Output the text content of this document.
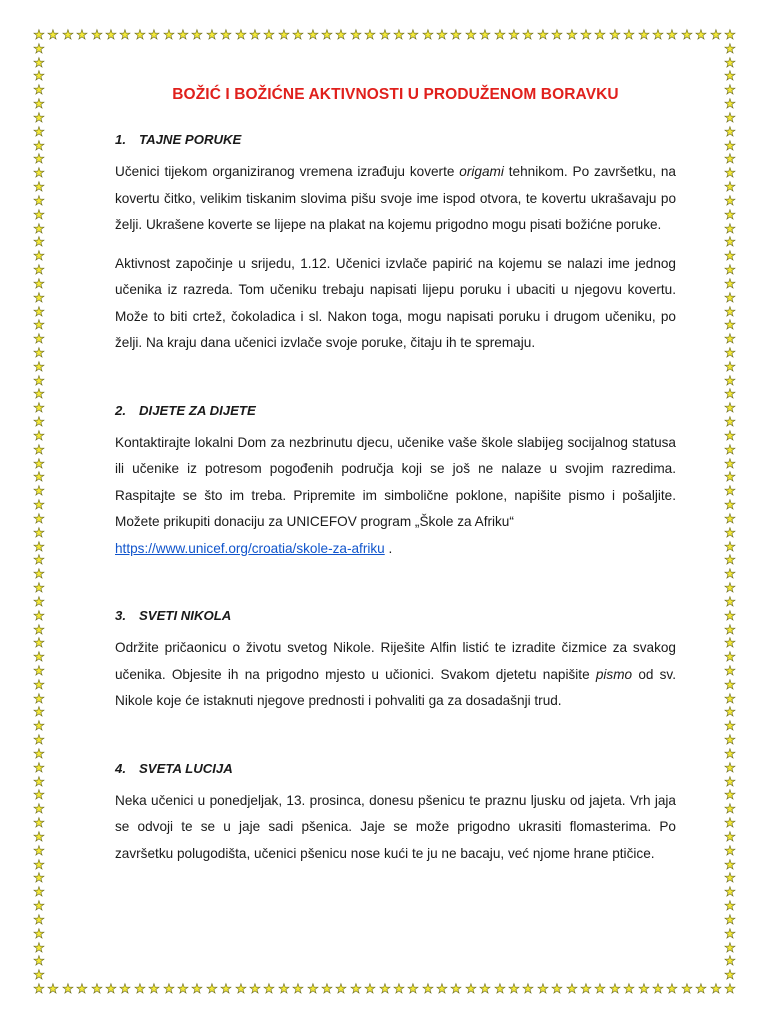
★
★
★
★
★
★
★
★
★
★
★
★
★
★
★
★
★
★
★
★
★
★
★
★
★
★
★
★
★
★
★
★
★
★
★
★
★
★
★
★
★
★
★
★
★
★
★
★
★
★
★
★
★
★
★
★
★
★
★
★
★
★
★
★
★
★
★
★
★
★
★
★
★
★
★
★
★
★
★
★
★
★
★
★
★
★
★
★
★
★
★
★
★
★
★
★
★
★
★	★
★	★
★	★
★	★
★	★
★	★
★	★
★	★
★	★
★	★
★	★
★	★
★	★
★	★
★	★
★	★
★	★
★	★
★	★
★	★
★	★
★	★
★	★
★	★
★	★
★	★
★	★
★	★
★	★
★	★
★	★
★	★
★	★
★	★
★	★
★	★
★	★
★	★
★	★
★	★
★	★
★	★
★	★
★	★
★	★
★	★
★	★
★	★
★	★
★	★
★	★
★	★
★	★
★	★
★	★
★	★
★	★
★	★
★	★
★	★
★	★
★	★
★	★
★	★
★	★
★	★
★	★
★	★
BOŽIĆ I BOŽIĆNE AKTIVNOSTI U PRODUŽENOM BORAVKU

1. TAJNE PORUKE

Učenici tijekom organiziranog vremena izrađuju koverte origami tehnikom. Po završetku, na kovertu čitko, velikim tiskanim slovima pišu svoje ime ispod otvora, te kovertu ukrašavaju po želji. Ukrašene koverte se lijepe na plakat na kojemu prigodno mogu pisati božićne poruke.

Aktivnost započinje u srijedu, 1.12. Učenici izvlače papirić na kojemu se nalazi ime jednog učenika iz razreda. Tom učeniku trebaju napisati lijepu poruku i ubaciti u njegovu kovertu. Može to biti crtež, čokoladica i sl. Nakon toga, mogu napisati poruku i drugom učeniku, po želji. Na kraju dana učenici izvlače svoje poruke, čitaju ih te spremaju.

2. DIJETE ZA DIJETE

Kontaktirajte lokalni Dom za nezbrinutu djecu, učenike vaše škole slabijeg socijalnog statusa ili učenike iz potresom pogođenih područja koji se još ne nalaze u svojim razredima. Raspitajte se što im treba. Pripremite im simbolične poklone, napišite pismo i pošaljite. Možete prikupiti donaciju za UNICEFOV program „Škole za Afriku“
https://www.unicef.org/croatia/skole-za-afriku .

3. SVETI NIKOLA

Održite pričaonicu o životu svetog Nikole. Riješite Alfin listić te izradite čizmice za svakog učenika. Objesite ih na prigodno mjesto u učionici. Svakom djetetu napišite pismo od sv. Nikole koje će istaknuti njegove prednosti i pohvaliti ga za dosadašnji trud.

4. SVETA LUCIJA

Neka učenici u ponedjeljak, 13. prosinca, donesu pšenicu te praznu ljusku od jajeta. Vrh jaja se odvoji te se u jaje sadi pšenica. Jaje se može prigodno ukrasiti flomasterima. Po završetku polugodišta, učenici pšenicu nose kući te ju ne bacaju, već njome hrane ptičice.
